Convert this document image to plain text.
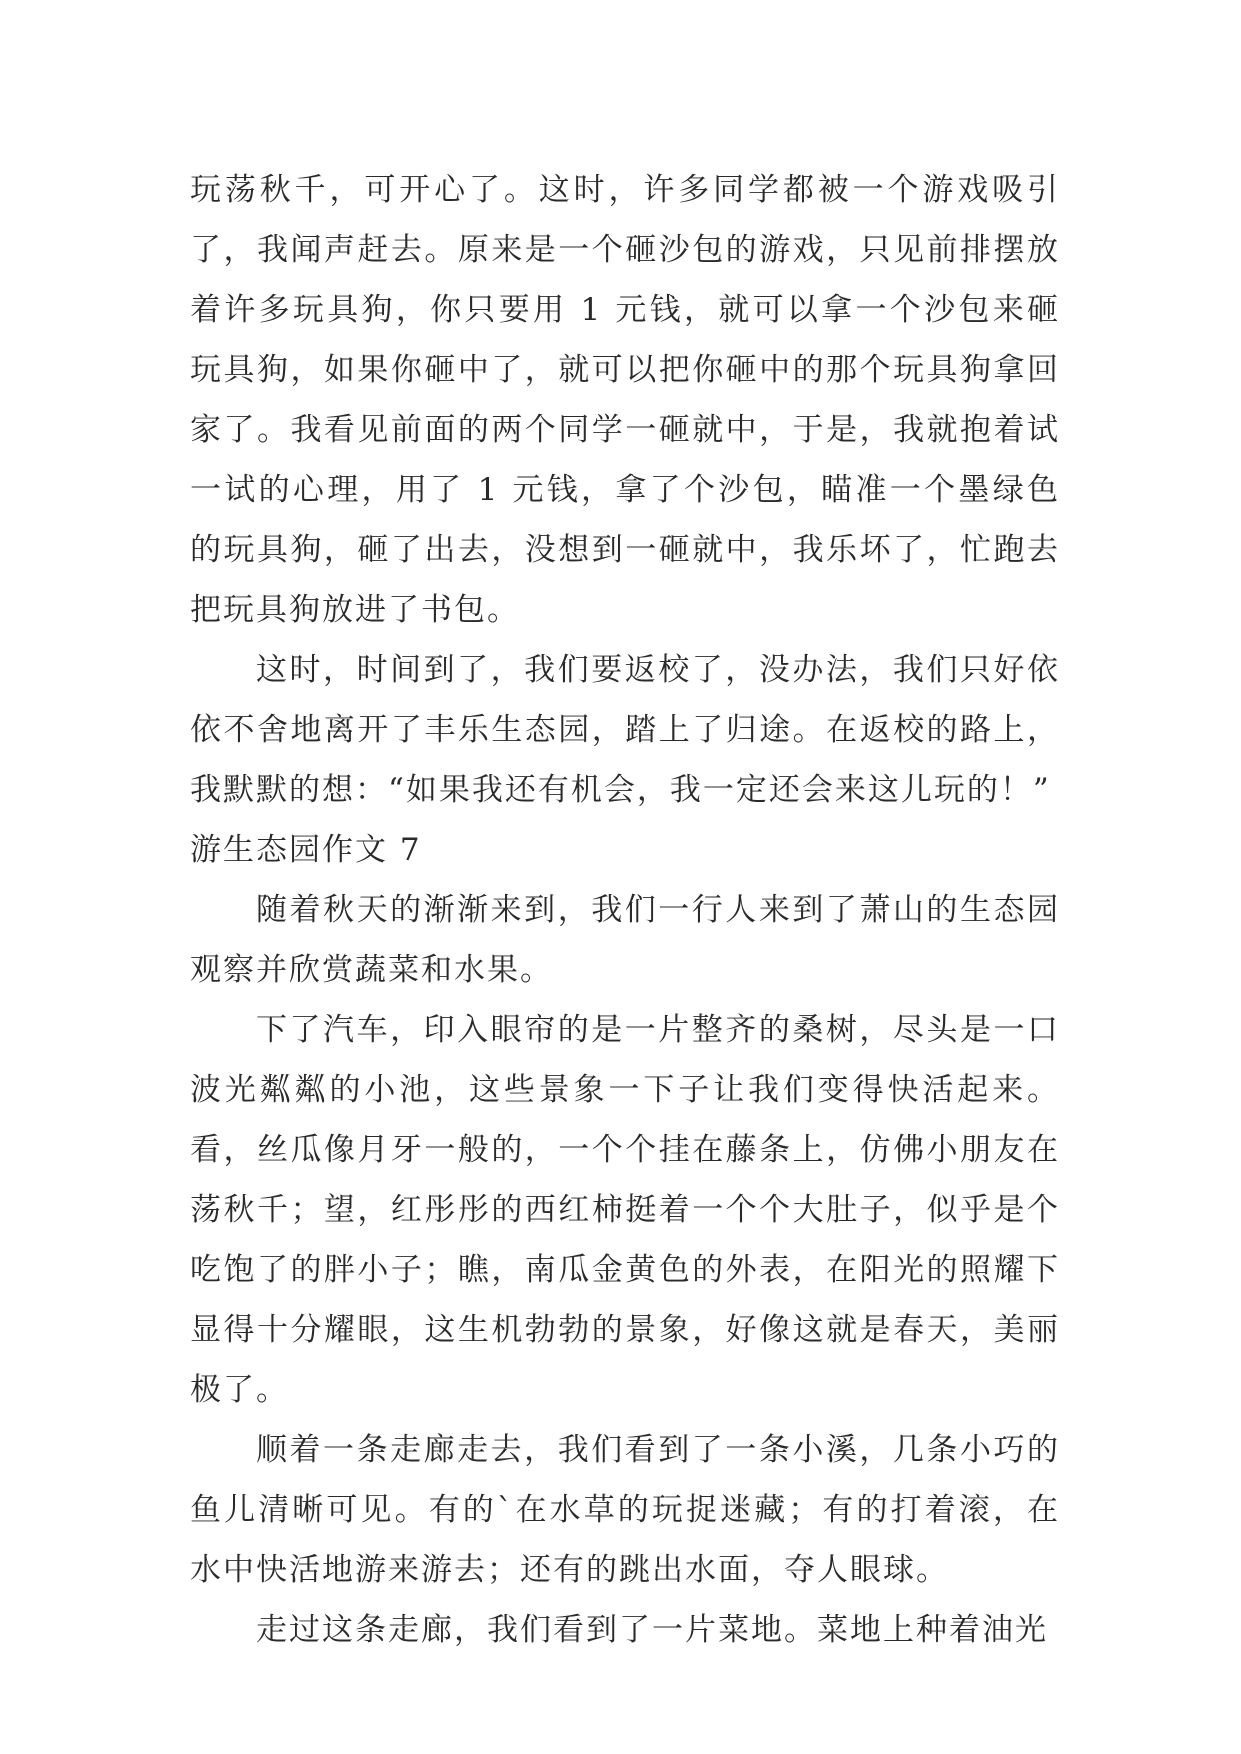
玩荡秋千，可开心了。这时，许多同学都被一个游戏吸引了，我闻声赶去。原来是一个砸沙包的游戏，只见前排摆放着许多玩具狗，你只要用 1 元钱，就可以拿一个沙包来砸玩具狗，如果你砸中了，就可以把你砸中的那个玩具狗拿回家了。我看见前面的两个同学一砸就中，于是，我就抱着试一试的心理，用了 1 元钱，拿了个沙包，瞄准一个墨绿色的玩具狗，砸了出去，没想到一砸就中，我乐坏了，忙跑去把玩具狗放进了书包。

这时，时间到了，我们要返校了，没办法，我们只好依依不舍地离开了丰乐生态园，踏上了归途。在返校的路上，我默默的想：“如果我还有机会，我一定还会来这儿玩的！”

游生态园作文 7

随着秋天的渐渐来到，我们一行人来到了萧山的生态园观察并欣赏蔬菜和水果。

下了汽车，印入眼帘的是一片整齐的桑树，尽头是一口波光粼粼的小池，这些景象一下子让我们变得快活起来。看，丝瓜像月牙一般的，一个个挂在藤条上，仿佛小朋友在荡秋千；望，红彤彤的西红柿挺着一个个大肚子，似乎是个吃饱了的胖小子；瞧，南瓜金黄色的外表，在阳光的照耀下显得十分耀眼，这生机勃勃的景象，好像这就是春天，美丽极了。

顺着一条走廊走去，我们看到了一条小溪，几条小巧的鱼儿清晰可见。有的`在水草的玩捉迷藏；有的打着滚，在水中快活地游来游去；还有的跳出水面，夺人眼球。

走过这条走廊，我们看到了一片菜地。菜地上种着油光
